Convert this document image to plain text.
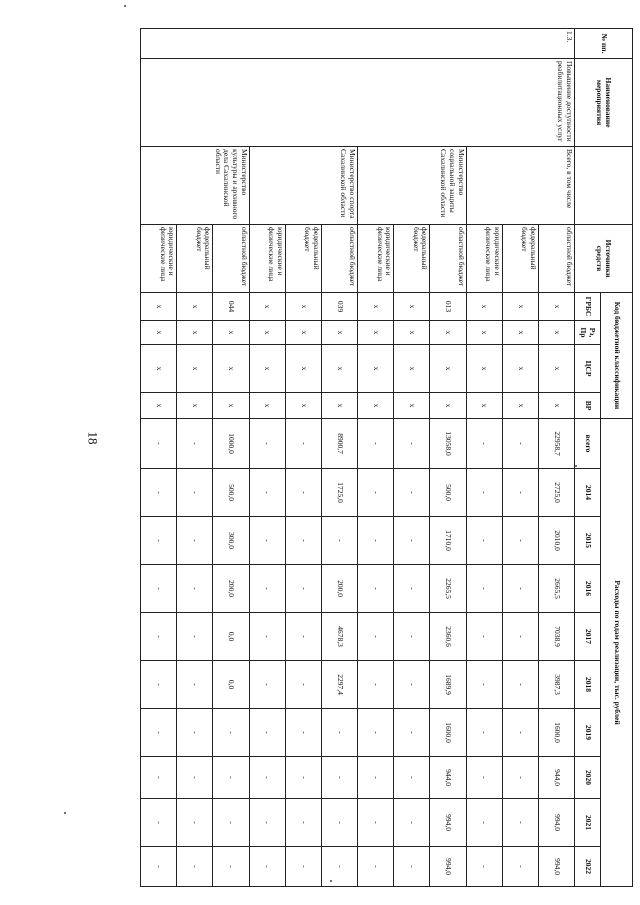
18
№ пп.	Наименование мероприятия		Источники средств	Код бюджетной классификации				Расходы по годам реализации, тыс. рублей									
				ГРБС	Рз, Пр	ЦСР	ВР	всего	2014	2015	2016	2017	2018	2019	2020	2021	2022
1.3.	Повышение доступности реабилитационных услуг	Всего, в том числе	областной бюджет	x	x	x	x	22958,7	2725,0	2010,0	2665,5	7038,9	3987,3	1600,0	944,0	994,0	994,0
			федеральный бюджет	x	x	x	x	-	-	-	-	-	-	-	-	-	-
			юридические и физические лица	x	x	x	x	-	-	-	-	-	-	-	-	-	-
		Министерство социальной защиты Сахалинской области	областной бюджет	013	x	x	x	13058,0	500,0	1710,0	2265,5	2360,6	1689,9	1600,0	944,0	994,0	994,0
			федеральный бюджет	x	x	x	x	-	-	-	-	-	-	-	-	-	-
			юридические и физические лица	x	x	x	x	-	-	-	-	-	-	-	-	-	-
		Министерство спорта Сахалинской области	областной бюджет	039	x	x	x	8900,7	1725,0	-	200,0	4678,3	2297,4	-	-	-	-
			федеральный бюджет	x	x	x	x	-	-	-	-	-	-	-	-	-	-
			юридические и физические лица	x	x	x	x	-	-	-	-	-	-	-	-	-	-
		Министерство культуры и архивного дела Сахалинской области	областной бюджет	044	x	x	x	1000,0	500,0	300,0	200,0	0,0	0,0	-	-	-	-
			федеральный бюджет	x	x	x	x	-	-	-	-	-	-	-	-	-	-
			юридические и физические лица	x	x	x	x	-	-	-	-	-	-	-	-	-	-
